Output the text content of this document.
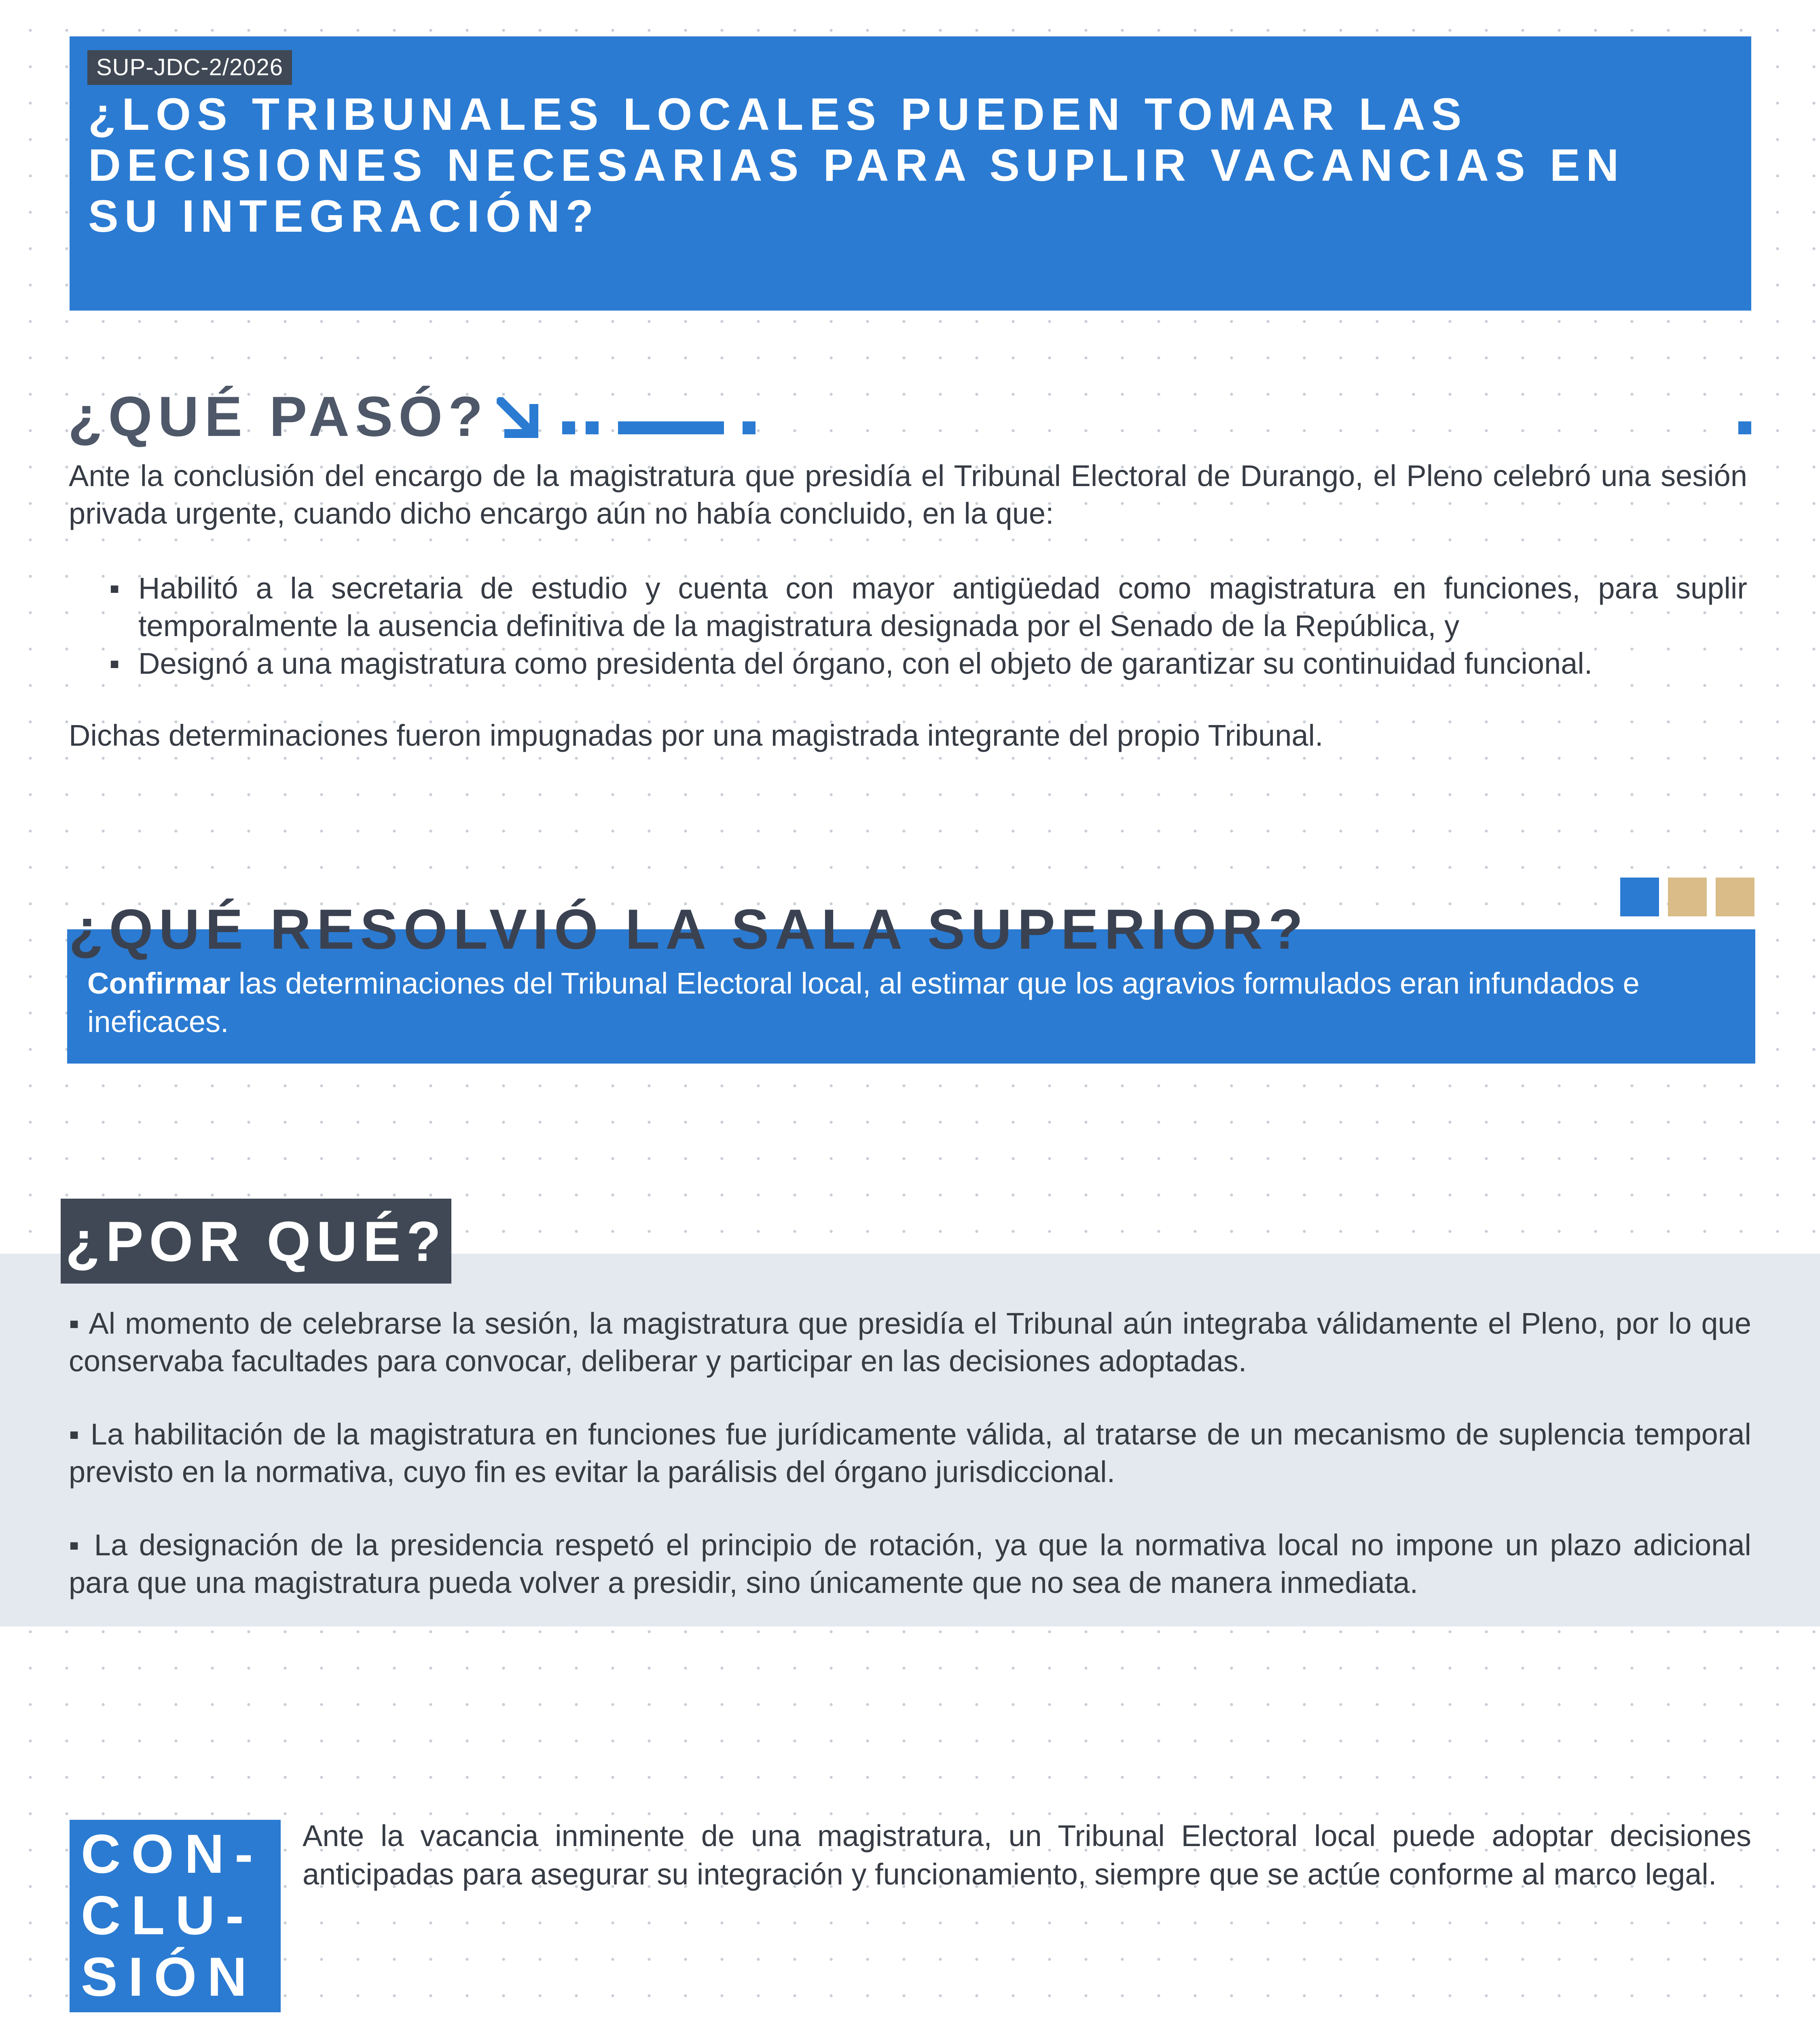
SUP-JDC-2/2026
¿LOS TRIBUNALES LOCALES PUEDEN TOMAR LAS DECISIONES NECESARIAS PARA SUPLIR VACANCIAS EN SU INTEGRACIÓN?
¿QUÉ PASÓ?
Ante la conclusión del encargo de la magistratura que presidía el Tribunal Electoral de Durango, el Pleno celebró una sesión privada urgente, cuando dicho encargo aún no había concluido, en la que:
▪ Habilitó a la secretaria de estudio y cuenta con mayor antigüedad como magistratura en funciones, para suplir temporalmente la ausencia definitiva de la magistratura designada por el Senado de la República, y
▪ Designó a una magistratura como presidenta del órgano, con el objeto de garantizar su continuidad funcional.
Dichas determinaciones fueron impugnadas por una magistrada integrante del propio Tribunal.
Confirmar las determinaciones del Tribunal Electoral local, al estimar que los agravios formulados eran infundados e ineficaces.
¿QUÉ RESOLVIÓ LA SALA SUPERIOR?
¿POR QUÉ?
▪ Al momento de celebrarse la sesión, la magistratura que presidía el Tribunal aún integraba válidamente el Pleno, por lo que conservaba facultades para convocar, deliberar y participar en las decisiones adoptadas.
▪ La habilitación de la magistratura en funciones fue jurídicamente válida, al tratarse de un mecanismo de suplencia temporal previsto en la normativa, cuyo fin es evitar la parálisis del órgano jurisdiccional.
▪ La designación de la presidencia respetó el principio de rotación, ya que la normativa local no impone un plazo adicional para que una magistratura pueda volver a presidir, sino únicamente que no sea de manera inmediata.
CON-
CLU-
SIÓN
Ante la vacancia inminente de una magistratura, un Tribunal Electoral local puede adoptar decisiones anticipadas para asegurar su integración y funcionamiento, siempre que se actúe conforme al marco legal.
